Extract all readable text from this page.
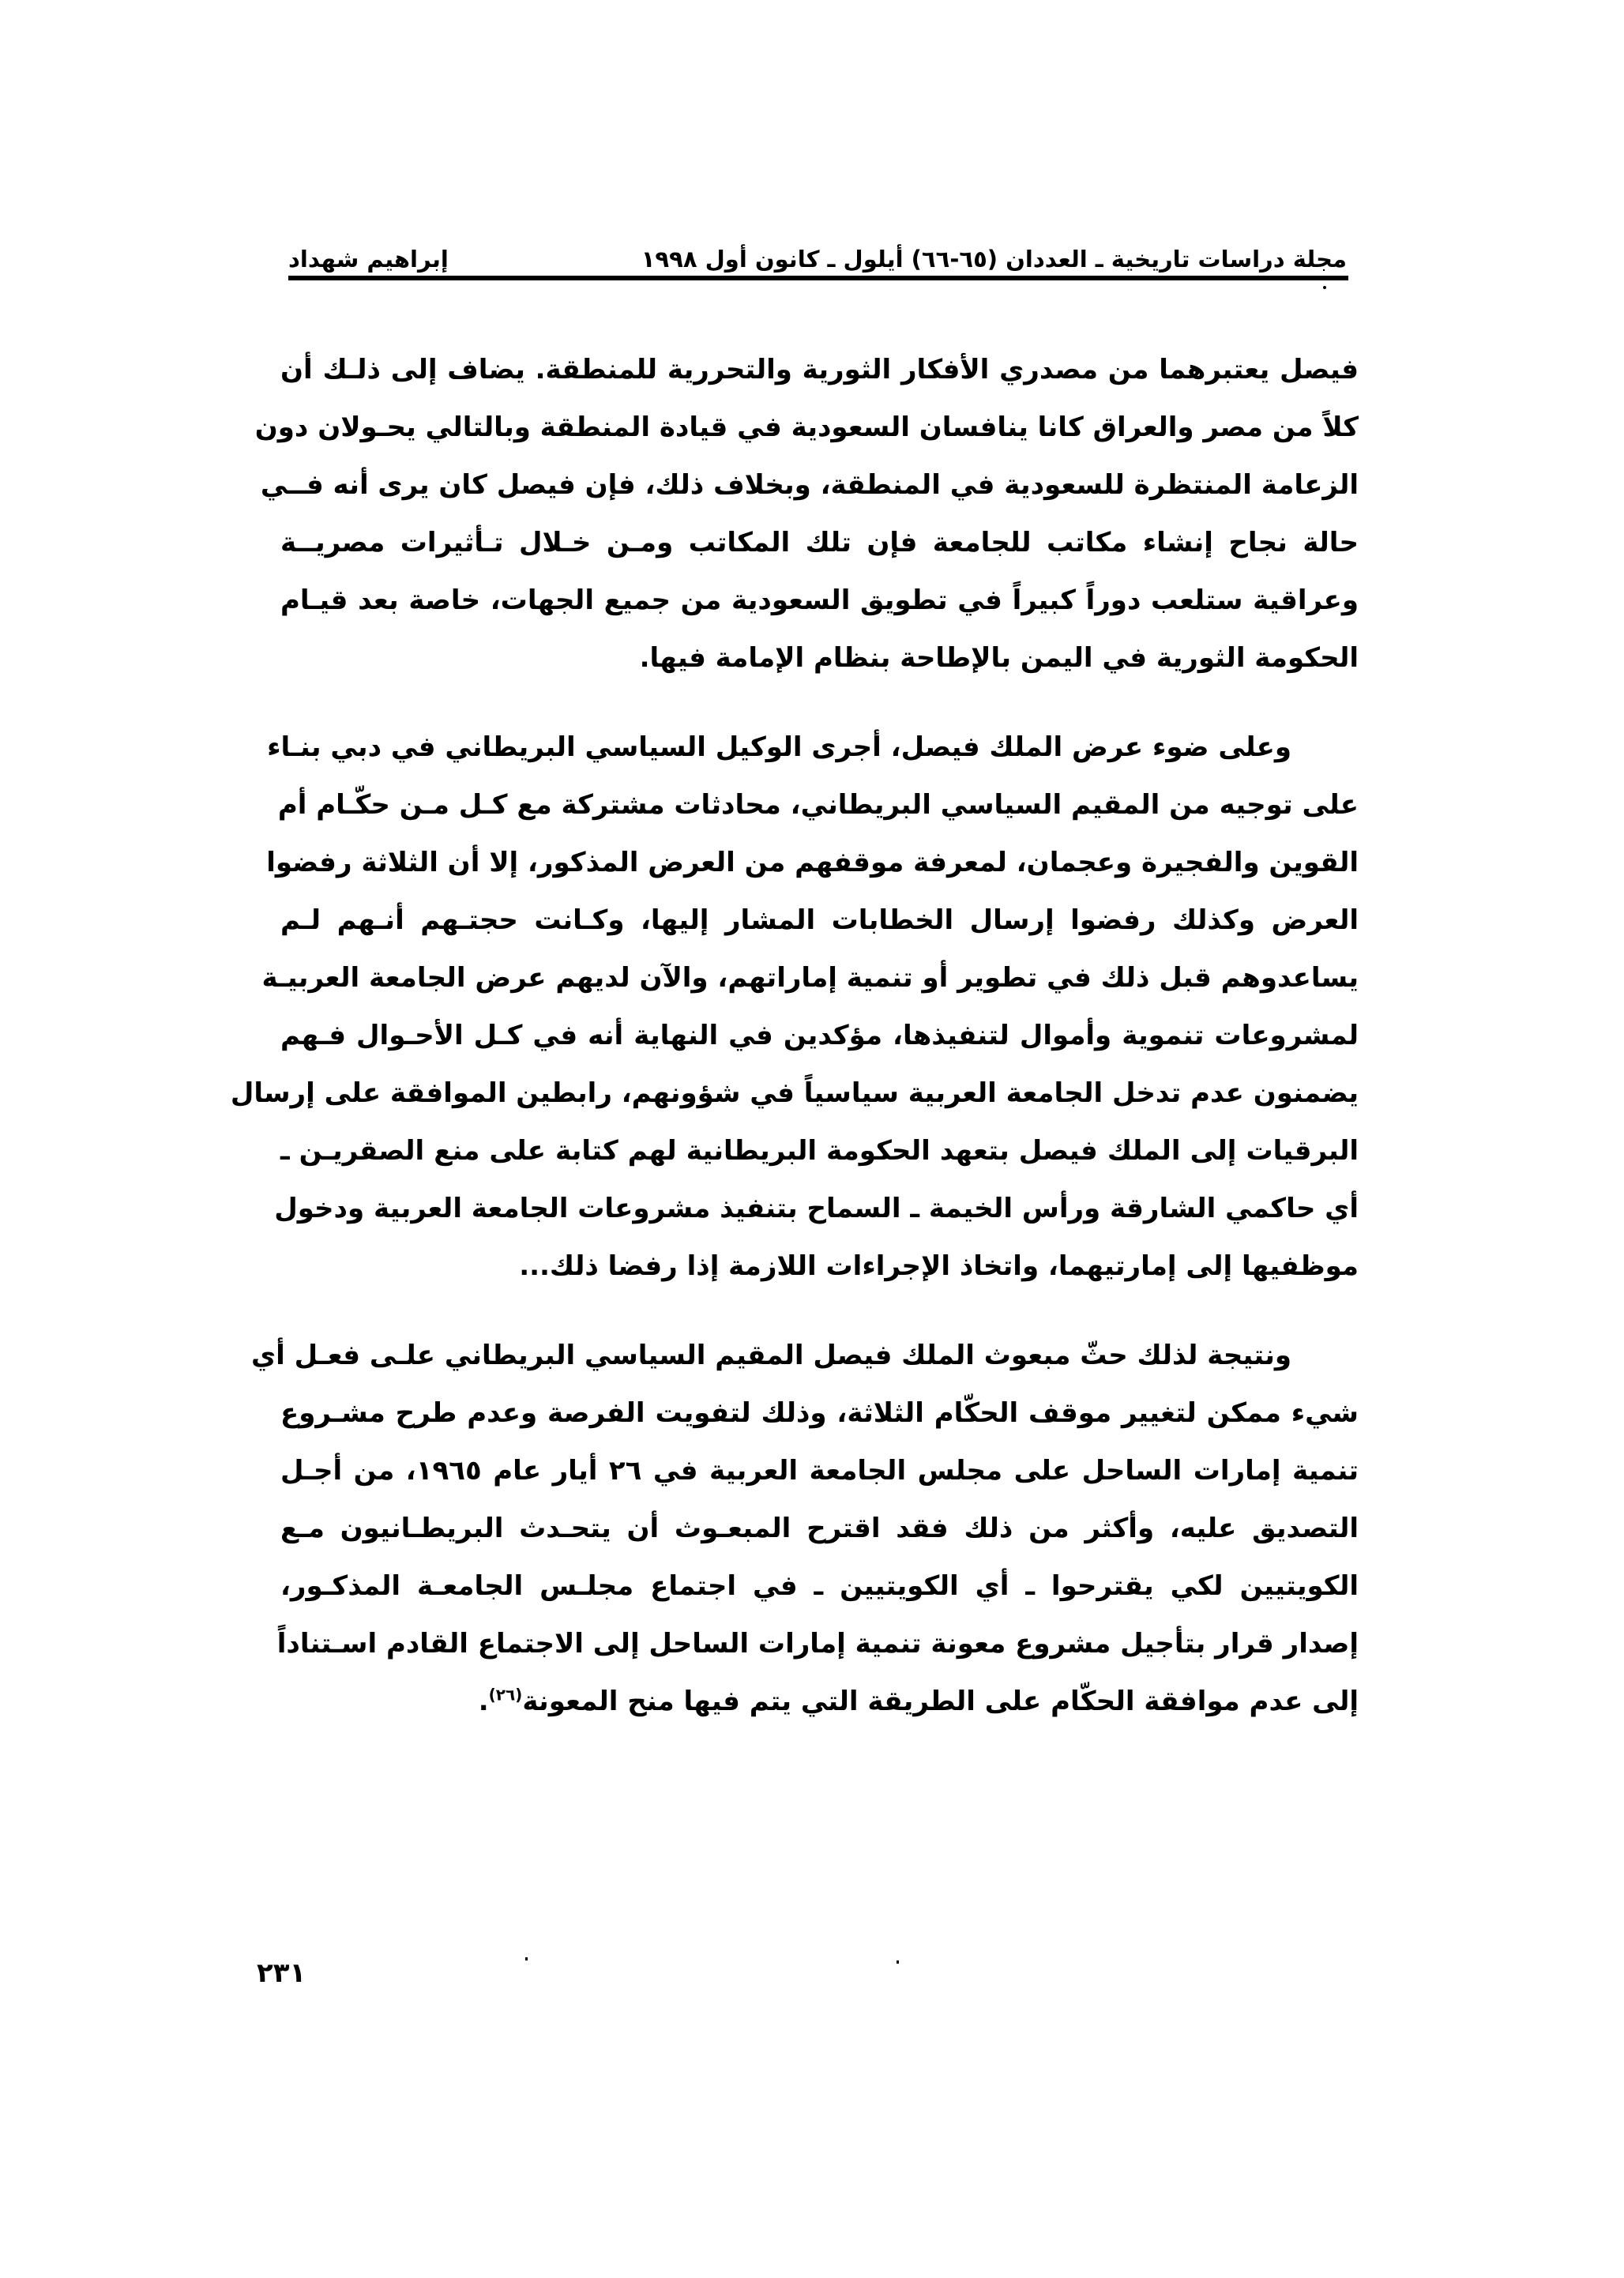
مجلة دراسات تاريخية ـ العددان (٦٥-٦٦) أيلول ـ كانون أول ١٩٩٨
إبراهيم شهداد

فيصل يعتبرهما من مصدري الأفكار الثورية والتحررية للمنطقة. يضاف إلى ذلـك أن
كلاً من مصر والعراق كانا ينافسان السعودية في قيادة المنطقة وبالتالي يحـولان دون
الزعامة المنتظرة للسعودية في المنطقة، وبخلاف ذلك، فإن فيصل كان يرى أنه فــي
حالة نجاح إنشاء مكاتب للجامعة فإن تلك المكاتب ومـن خـلال تـأثيرات مصريــة
وعراقية ستلعب دوراً كبيراً في تطويق السعودية من جميع الجهات، خاصة بعد قيـام
الحكومة الثورية في اليمن بالإطاحة بنظام الإمامة فيها.

وعلى ضوء عرض الملك فيصل، أجرى الوكيل السياسي البريطاني في دبي بنـاء
على توجيه من المقيم السياسي البريطاني، محادثات مشتركة مع كـل مـن حكّـام أم
القوين والفجيرة وعجمان، لمعرفة موقفهم من العرض المذكور، إلا أن الثلاثة رفضوا
العرض وكذلك رفضوا إرسال الخطابات المشار إليها، وكـانت حجتـهم أنـهم لـم
يساعدوهم قبل ذلك في تطوير أو تنمية إماراتهم، والآن لديهم عرض الجامعة العربيـة
لمشروعات تنموية وأموال لتنفيذها، مؤكدين في النهاية أنه في كـل الأحـوال فـهم
يضمنون عدم تدخل الجامعة العربية سياسياً في شؤونهم، رابطين الموافقة على إرسال
البرقيات إلى الملك فيصل بتعهد الحكومة البريطانية لهم كتابة على منع الصقريـن ـ
أي حاكمي الشارقة ورأس الخيمة ـ السماح بتنفيذ مشروعات الجامعة العربية ودخول
موظفيها إلى إمارتيهما، واتخاذ الإجراءات اللازمة إذا رفضا ذلك...

ونتيجة لذلك حثّ مبعوث الملك فيصل المقيم السياسي البريطاني علـى فعـل أي
شيء ممكن لتغيير موقف الحكّام الثلاثة، وذلك لتفويت الفرصة وعدم طرح مشـروع
تنمية إمارات الساحل على مجلس الجامعة العربية في ٢٦ أيار عام ١٩٦٥، من أجـل
التصديق عليه، وأكثر من ذلك فقد اقترح المبعـوث أن يتحـدث البريطـانيون مـع
الكويتيين لكي يقترحوا ـ أي الكويتيين ـ في اجتماع مجلـس الجامعـة المذكـور،
إصدار قرار بتأجيل مشروع معونة تنمية إمارات الساحل إلى الاجتماع القادم اسـتناداً
إلى عدم موافقة الحكّام على الطريقة التي يتم فيها منح المعونة$^{(٢٦)}$.

٢٣١
